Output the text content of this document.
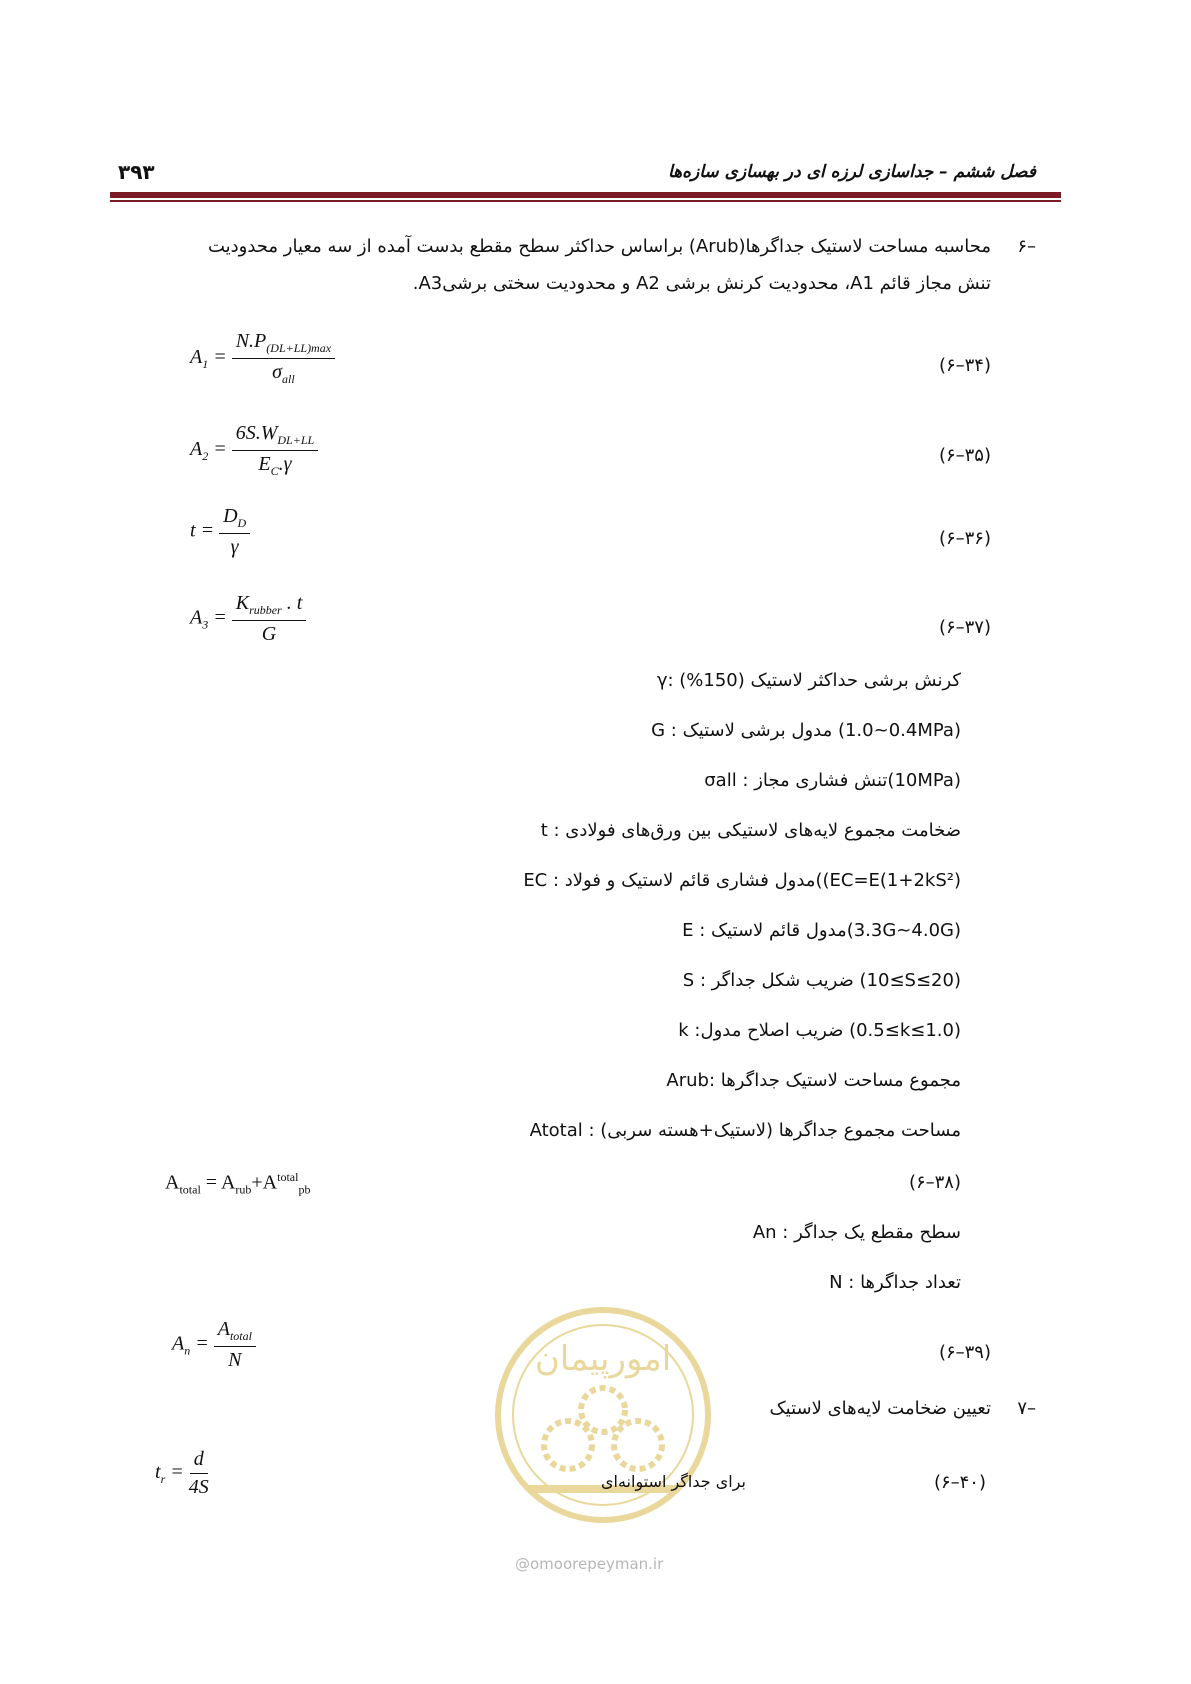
فصل ششم – جداسازی لرزه ای در بهسازی سازه‌ها
۳۹۳
۶–
محاسبه مساحت لاستیک جداگرها(Arub) براساس حداکثر سطح مقطع بدست آمده از سه معیار محدودیت
تنش مجاز قائم A1، محدودیت کرنش برشی A2 و محدودیت سختی برشیA3.
$A_1 = \frac{N.P_{(DL+LL)max}}{\sigma_{all}}$	(۶–۳۴)
$A_2 = \frac{6S.W_{DL+LL}}{E_C.\gamma}$	(۶–۳۵)
$t = \frac{D_D}{\gamma}$	(۶–۳۶)
$A_3 = \frac{K_{rubber} . t}{G}$	(۶–۳۷)
γ: کرنش برشی حداکثر لاستیک (150%)
G : مدول برشی لاستیک (0.4~1.0MPa)
σall : تنش فشاری مجاز(10MPa)
t : ضخامت مجموع لایه‌های لاستیکی بین ورق‌های فولادی
EC : مدول فشاری قائم لاستیک و فولاد((EC=E(1+2kS²)
E : مدول قائم لاستیک(3.3G~4.0G)
S : ضریب شکل جداگر (10≤S≤20)
k :ضریب اصلاح مدول (0.5≤k≤1.0)
Arub: مجموع مساحت لاستیک جداگرها
Atotal : مساحت مجموع جداگرها (لاستیک+هسته سربی)
$A_{total} = A_{rub}+A^{total}_{pb}$	(۶–۳۸)
An : سطح مقطع یک جداگر
N : تعداد جداگرها
$A_n = \frac{A_{total}}{N}$	(۶–۳۹)
امورپیمان
@omoorepeyman.ir
۷–
تعیین ضخامت لایه‌های لاستیک
$t_r = \frac{d}{4S}$	برای جداگر استوانه‌ای	(۶–۴۰)
